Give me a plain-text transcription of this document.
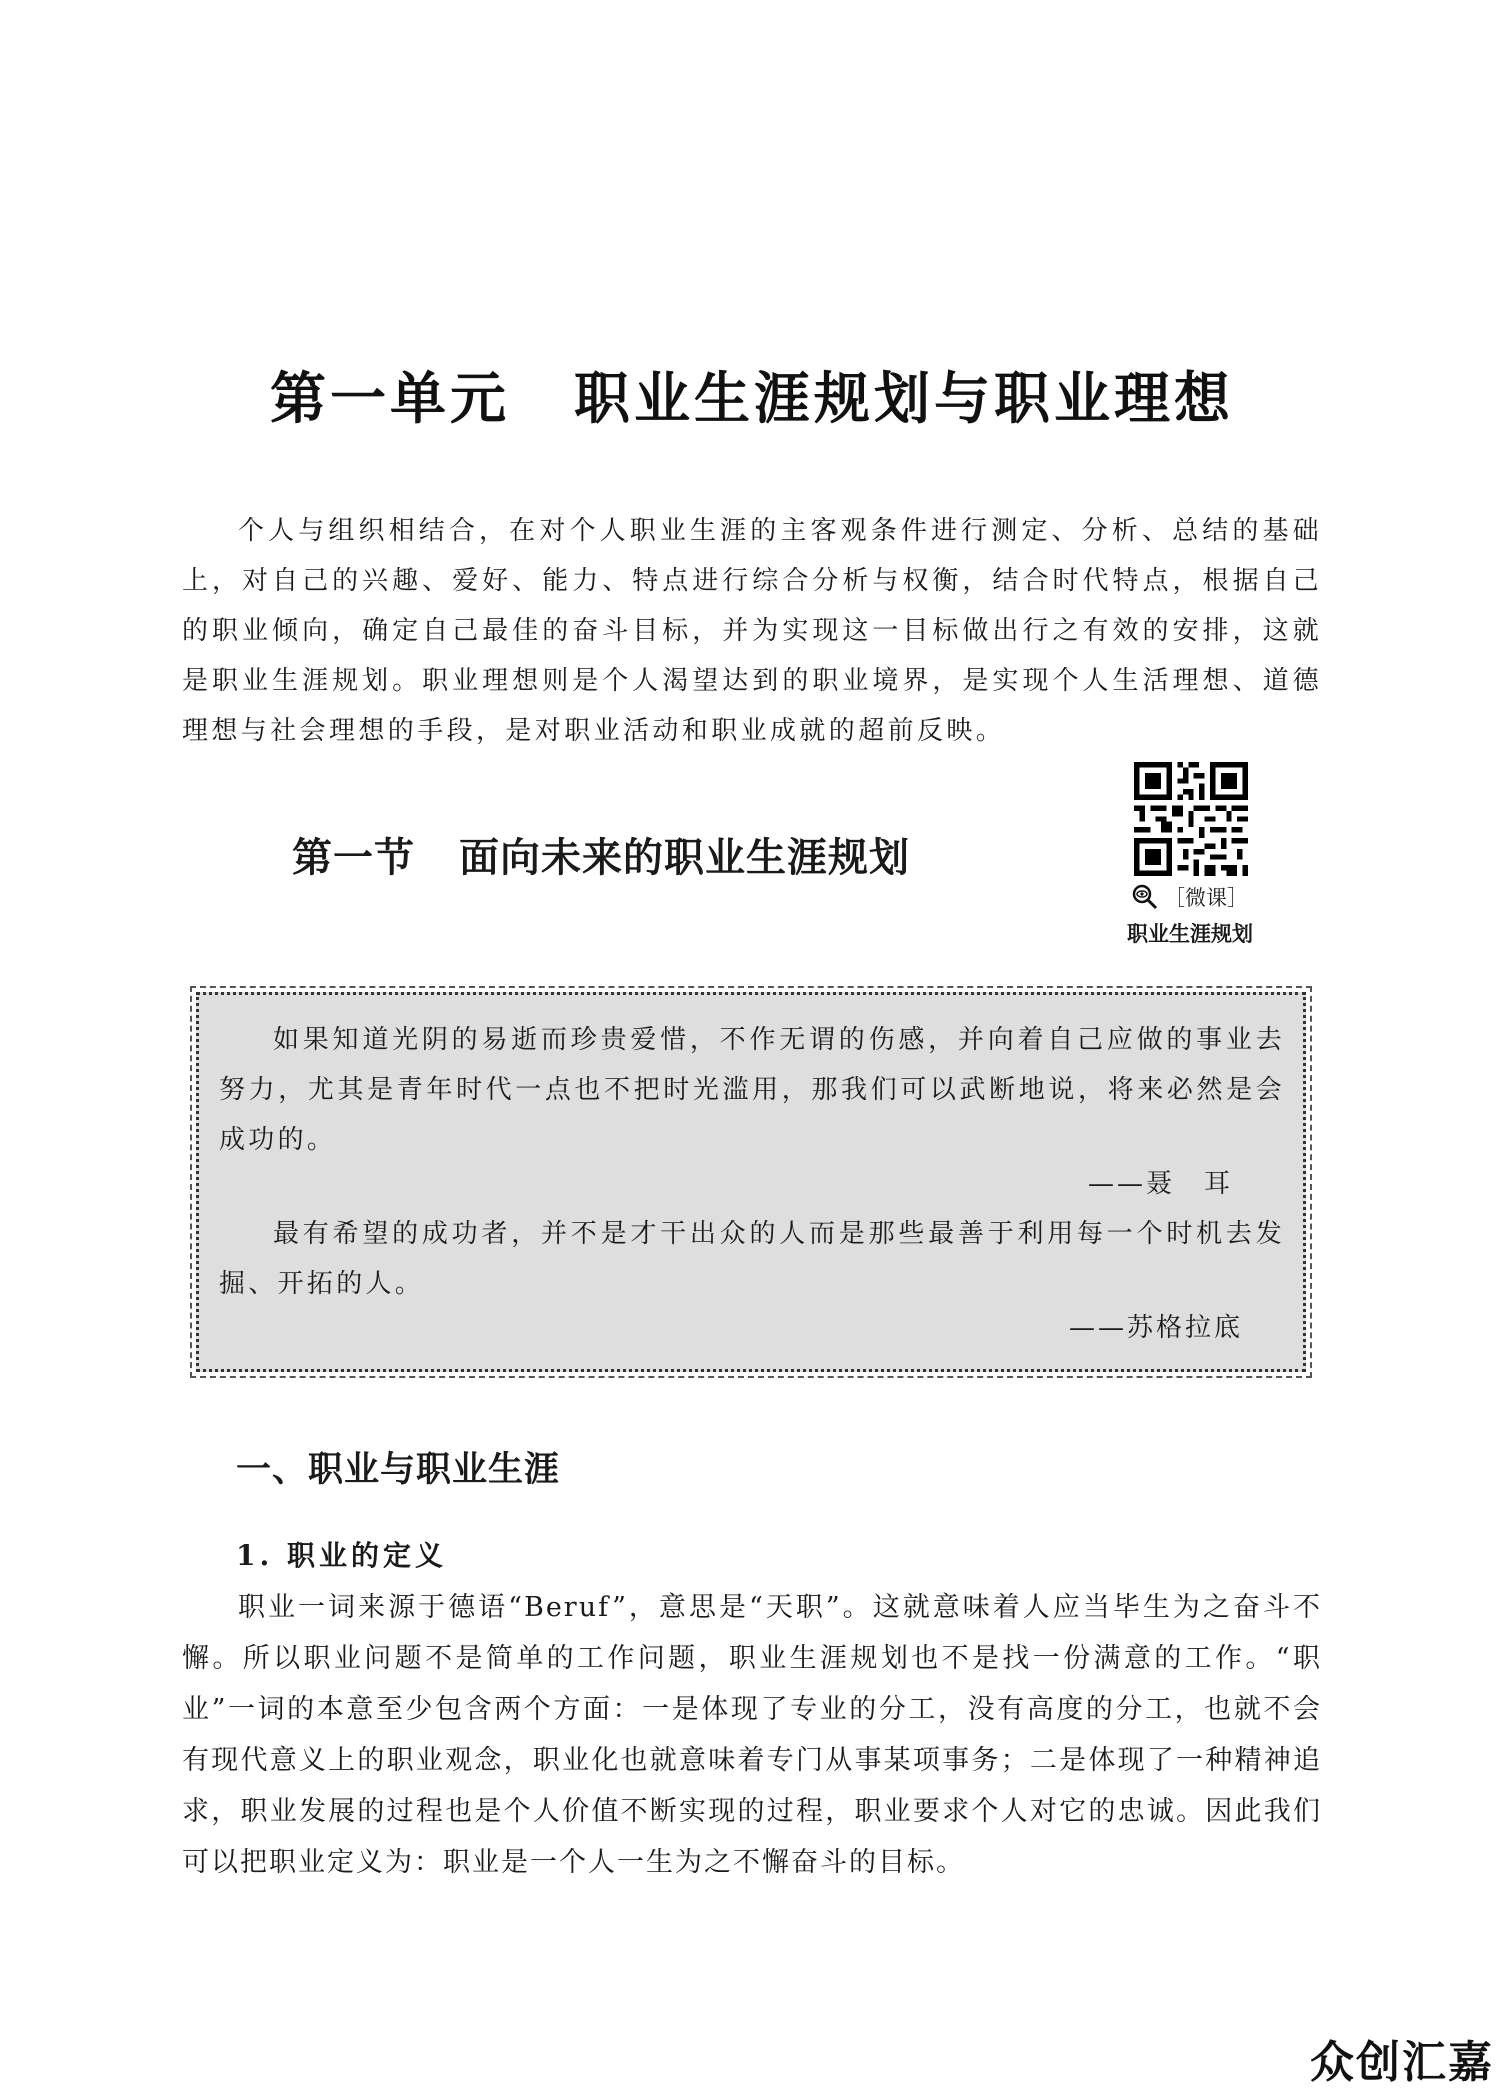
第一单元 职业生涯规划与职业理想

个人与组织相结合，在对个人职业生涯的主客观条件进行测定、分析、总结的基础上，对自己的兴趣、爱好、能力、特点进行综合分析与权衡，结合时代特点，根据自己的职业倾向，确定自己最佳的奋斗目标，并为实现这一目标做出行之有效的安排，这就是职业生涯规划。职业理想则是个人渴望达到的职业境界，是实现个人生活理想、道德理想与社会理想的手段，是对职业活动和职业成就的超前反映。

第一节 面向未来的职业生涯规划
［微课］
职业生涯规划

如果知道光阴的易逝而珍贵爱惜，不作无谓的伤感，并向着自己应做的事业去努力，尤其是青年时代一点也不把时光滥用，那我们可以武断地说，将来必然是会成功的。

——聂　耳

最有希望的成功者，并不是才干出众的人而是那些最善于利用每一个时机去发掘、开拓的人。

——苏格拉底
一、职业与职业生涯
1. 职业的定义

职业一词来源于德语“Beruf”，意思是“天职”。这就意味着人应当毕生为之奋斗不懈。所以职业问题不是简单的工作问题，职业生涯规划也不是找一份满意的工作。“职业”一词的本意至少包含两个方面：一是体现了专业的分工，没有高度的分工，也就不会有现代意义上的职业观念，职业化也就意味着专门从事某项事务；二是体现了一种精神追求，职业发展的过程也是个人价值不断实现的过程，职业要求个人对它的忠诚。因此我们可以把职业定义为：职业是一个人一生为之不懈奋斗的目标。

众创汇嘉
